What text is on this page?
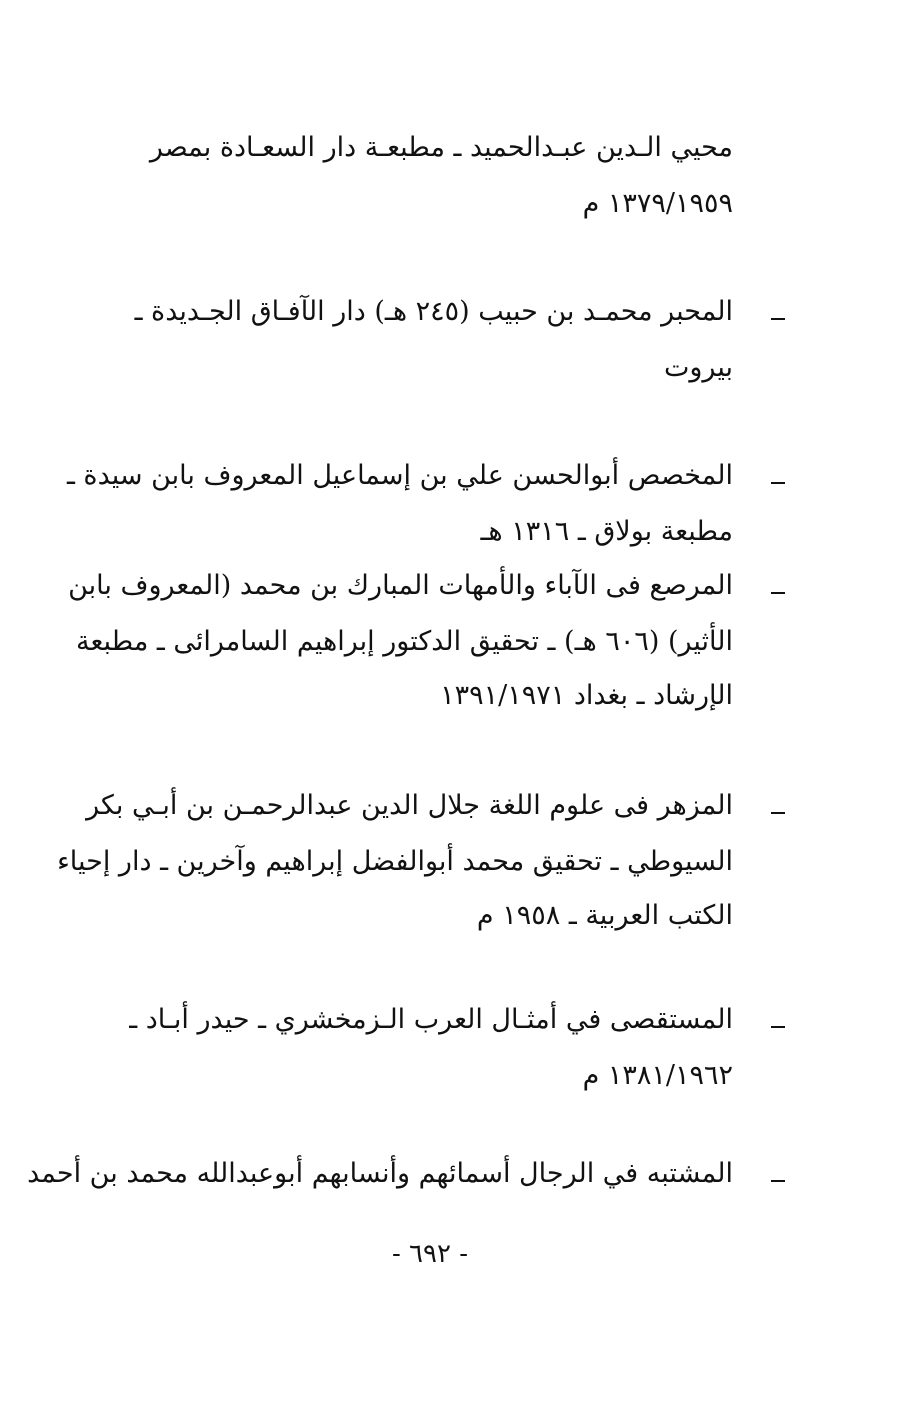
محيي الـدين عبـدالحميد ـ مطبعـة دار السعـادة بمصر
١٣٧٩/١٩٥٩ م
المحبر محمـد بن حبيب (٢٤٥ هـ) دار الآفـاق الجـديدة ـ
بيروت
المخصص أبوالحسن علي بن إسماعيل المعروف بابن سيدة ـ
مطبعة بولاق ـ ١٣١٦ هـ
المرصع فى الآباء والأمهات المبارك بن محمد (المعروف بابن
الأثير) (٦٠٦ هـ) ـ تحقيق الدكتور إبراهيم السامرائى ـ مطبعة
الإرشاد ـ بغداد ١٣٩١/١٩٧١
المزهر فى علوم اللغة جلال الدين عبدالرحمـن بن أبـي بكر
السيوطي ـ تحقيق محمد أبوالفضل إبراهيم وآخرين ـ دار إحياء
الكتب العربية ـ ١٩٥٨ م
المستقصى في أمثـال العرب الـزمخشري ـ حيدر أبـاد ـ
١٣٨١/١٩٦٢ م
المشتبه في الرجال أسمائهم وأنسابهم أبوعبدالله محمد بن أحمد
- ٦٩٢ -
